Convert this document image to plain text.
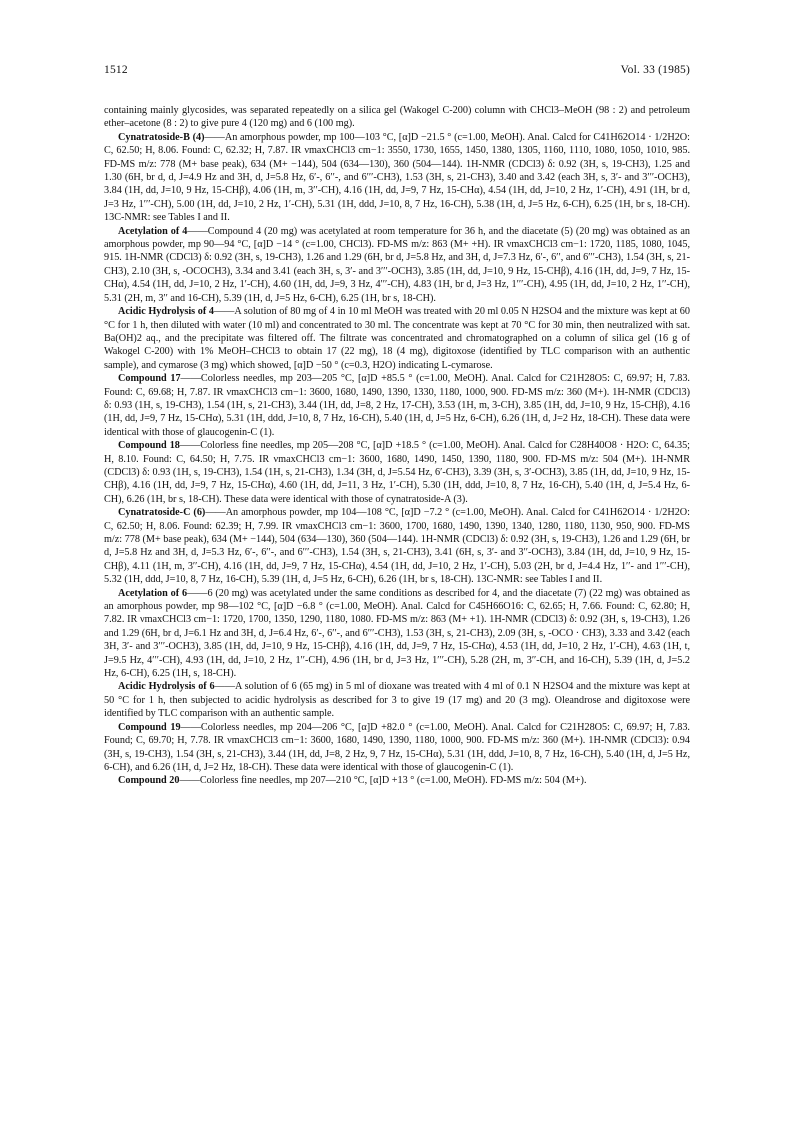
1512	Vol. 33 (1985)

containing mainly glycosides, was separated repeatedly on a silica gel (Wakogel C-200) column with CHCl3–MeOH (98 : 2) and petroleum ether–acetone (8 : 2) to give pure 4 (120 mg) and 6 (100 mg).

Cynatratoside-B (4)——An amorphous powder, mp 100—103 °C, [α]D −21.5 ° (c=1.00, MeOH). Anal. Calcd for C41H62O14 · 1/2H2O: C, 62.50; H, 8.06. Found: C, 62.32; H, 7.87. IR νmaxCHCl3 cm−1: 3550, 1730, 1655, 1450, 1380, 1305, 1160, 1110, 1080, 1050, 1010, 985. FD-MS m/z: 778 (M+ base peak), 634 (M+ −144), 504 (634—130), 360 (504—144). 1H-NMR (CDCl3) δ: 0.92 (3H, s, 19-CH3), 1.25 and 1.30 (6H, br d, d, J=4.9 Hz and 3H, d, J=5.8 Hz, 6′-, 6′′-, and 6′′′-CH3), 1.53 (3H, s, 21-CH3), 3.40 and 3.42 (each 3H, s, 3′- and 3′′′-OCH3), 3.84 (1H, dd, J=10, 9 Hz, 15-CHβ), 4.06 (1H, m, 3′′-CH), 4.16 (1H, dd, J=9, 7 Hz, 15-CHα), 4.54 (1H, dd, J=10, 2 Hz, 1′-CH), 4.91 (1H, br d, J=3 Hz, 1′′′-CH), 5.00 (1H, dd, J=10, 2 Hz, 1′-CH), 5.31 (1H, ddd, J=10, 8, 7 Hz, 16-CH), 5.38 (1H, d, J=5 Hz, 6-CH), 6.25 (1H, br s, 18-CH). 13C-NMR: see Tables I and II.

Acetylation of 4——Compound 4 (20 mg) was acetylated at room temperature for 36 h, and the diacetate (5) (20 mg) was obtained as an amorphous powder, mp 90—94 °C, [α]D −14 ° (c=1.00, CHCl3). FD-MS m/z: 863 (M+ +H). IR νmaxCHCl3 cm−1: 1720, 1185, 1080, 1045, 915. 1H-NMR (CDCl3) δ: 0.92 (3H, s, 19-CH3), 1.26 and 1.29 (6H, br d, J=5.8 Hz, and 3H, d, J=7.3 Hz, 6′-, 6′′, and 6′′′-CH3), 1.54 (3H, s, 21-CH3), 2.10 (3H, s, -OCOCH3), 3.34 and 3.41 (each 3H, s, 3′- and 3′′′-OCH3), 3.85 (1H, dd, J=10, 9 Hz, 15-CHβ), 4.16 (1H, dd, J=9, 7 Hz, 15-CHα), 4.54 (1H, dd, J=10, 2 Hz, 1′-CH), 4.60 (1H, dd, J=9, 3 Hz, 4′′′-CH), 4.83 (1H, br d, J=3 Hz, 1′′′-CH), 4.95 (1H, dd, J=10, 2 Hz, 1′′-CH), 5.31 (2H, m, 3′′ and 16-CH), 5.39 (1H, d, J=5 Hz, 6-CH), 6.25 (1H, br s, 18-CH).

Acidic Hydrolysis of 4——A solution of 80 mg of 4 in 10 ml MeOH was treated with 20 ml 0.05 N H2SO4 and the mixture was kept at 60 °C for 1 h, then diluted with water (10 ml) and concentrated to 30 ml. The concentrate was kept at 70 °C for 30 min, then neutralized with sat. Ba(OH)2 aq., and the precipitate was filtered off. The filtrate was concentrated and chromatographed on a column of silica gel (16 g of Wakogel C-200) with 1% MeOH–CHCl3 to obtain 17 (22 mg), 18 (4 mg), digitoxose (identified by TLC comparison with an authentic sample), and cymarose (3 mg) which showed, [α]D −50 ° (c=0.3, H2O) indicating L-cymarose.

Compound 17——Colorless needles, mp 203—205 °C, [α]D +85.5 ° (c=1.00, MeOH). Anal. Calcd for C21H28O5: C, 69.97; H, 7.83. Found: C, 69.68; H, 7.87. IR νmaxCHCl3 cm−1: 3600, 1680, 1490, 1390, 1330, 1180, 1000, 900. FD-MS m/z: 360 (M+). 1H-NMR (CDCl3) δ: 0.93 (1H, s, 19-CH3), 1.54 (1H, s, 21-CH3), 3.44 (1H, dd, J=8, 2 Hz, 17-CH), 3.53 (1H, m, 3-CH), 3.85 (1H, dd, J=10, 9 Hz, 15-CHβ), 4.16 (1H, dd, J=9, 7 Hz, 15-CHα), 5.31 (1H, ddd, J=10, 8, 7 Hz, 16-CH), 5.40 (1H, d, J=5 Hz, 6-CH), 6.26 (1H, d, J=2 Hz, 18-CH). These data were identical with those of glaucogenin-C (1).

Compound 18——Colorless fine needles, mp 205—208 °C, [α]D +18.5 ° (c=1.00, MeOH). Anal. Calcd for C28H40O8 · H2O: C, 64.35; H, 8.10. Found: C, 64.50; H, 7.75. IR νmaxCHCl3 cm−1: 3600, 1680, 1490, 1450, 1390, 1180, 900. FD-MS m/z: 504 (M+). 1H-NMR (CDCl3) δ: 0.93 (1H, s, 19-CH3), 1.54 (1H, s, 21-CH3), 1.34 (3H, d, J=5.54 Hz, 6′-CH3), 3.39 (3H, s, 3′-OCH3), 3.85 (1H, dd, J=10, 9 Hz, 15-CHβ), 4.16 (1H, dd, J=9, 7 Hz, 15-CHα), 4.60 (1H, dd, J=11, 3 Hz, 1′-CH), 5.30 (1H, ddd, J=10, 8, 7 Hz, 16-CH), 5.40 (1H, d, J=5.4 Hz, 6-CH), 6.26 (1H, br s, 18-CH). These data were identical with those of cynatratoside-A (3).

Cynatratoside-C (6)——An amorphous powder, mp 104—108 °C, [α]D −7.2 ° (c=1.00, MeOH). Anal. Calcd for C41H62O14 · 1/2H2O: C, 62.50; H, 8.06. Found: 62.39; H, 7.99. IR νmaxCHCl3 cm−1: 3600, 1700, 1680, 1490, 1390, 1340, 1280, 1180, 1130, 950, 900. FD-MS m/z: 778 (M+ base peak), 634 (M+ −144), 504 (634—130), 360 (504—144). 1H-NMR (CDCl3) δ: 0.92 (3H, s, 19-CH3), 1.26 and 1.29 (6H, br d, J=5.8 Hz and 3H, d, J=5.3 Hz, 6′-, 6′′-, and 6′′′-CH3), 1.54 (3H, s, 21-CH3), 3.41 (6H, s, 3′- and 3′′-OCH3), 3.84 (1H, dd, J=10, 9 Hz, 15-CHβ), 4.11 (1H, m, 3′′-CH), 4.16 (1H, dd, J=9, 7 Hz, 15-CHα), 4.54 (1H, dd, J=10, 2 Hz, 1′-CH), 5.03 (2H, br d, J=4.4 Hz, 1′′- and 1′′′-CH), 5.32 (1H, ddd, J=10, 8, 7 Hz, 16-CH), 5.39 (1H, d, J=5 Hz, 6-CH), 6.26 (1H, br s, 18-CH). 13C-NMR: see Tables I and II.

Acetylation of 6——6 (20 mg) was acetylated under the same conditions as described for 4, and the diacetate (7) (22 mg) was obtained as an amorphous powder, mp 98—102 °C, [α]D −6.8 ° (c=1.00, MeOH). Anal. Calcd for C45H66O16: C, 62.65; H, 7.66. Found: C, 62.80; H, 7.82. IR νmaxCHCl3 cm−1: 1720, 1700, 1350, 1290, 1180, 1080. FD-MS m/z: 863 (M+ +1). 1H-NMR (CDCl3) δ: 0.92 (3H, s, 19-CH3), 1.26 and 1.29 (6H, br d, J=6.1 Hz and 3H, d, J=6.4 Hz, 6′-, 6′′-, and 6′′′-CH3), 1.53 (3H, s, 21-CH3), 2.09 (3H, s, -OCO · CH3), 3.33 and 3.42 (each 3H, 3′- and 3′′′-OCH3), 3.85 (1H, dd, J=10, 9 Hz, 15-CHβ), 4.16 (1H, dd, J=9, 7 Hz, 15-CHα), 4.53 (1H, dd, J=10, 2 Hz, 1′-CH), 4.63 (1H, t, J=9.5 Hz, 4′′′-CH), 4.93 (1H, dd, J=10, 2 Hz, 1′′-CH), 4.96 (1H, br d, J=3 Hz, 1′′′-CH), 5.28 (2H, m, 3′′-CH, and 16-CH), 5.39 (1H, d, J=5.2 Hz, 6-CH), 6.25 (1H, s, 18-CH).

Acidic Hydrolysis of 6——A solution of 6 (65 mg) in 5 ml of dioxane was treated with 4 ml of 0.1 N H2SO4 and the mixture was kept at 50 °C for 1 h, then subjected to acidic hydrolysis as described for 3 to give 19 (17 mg) and 20 (3 mg). Oleandrose and digitoxose were identified by TLC comparison with an authentic sample.

Compound 19——Colorless needles, mp 204—206 °C, [α]D +82.0 ° (c=1.00, MeOH). Anal. Calcd for C21H28O5: C, 69.97; H, 7.83. Found; C, 69.70; H, 7.78. IR νmaxCHCl3 cm−1: 3600, 1680, 1490, 1390, 1180, 1000, 900. FD-MS m/z: 360 (M+). 1H-NMR (CDCl3): 0.94 (3H, s, 19-CH3), 1.54 (3H, s, 21-CH3), 3.44 (1H, dd, J=8, 2 Hz, 9, 7 Hz, 15-CHα), 5.31 (1H, ddd, J=10, 8, 7 Hz, 16-CH), 5.40 (1H, d, J=5 Hz, 6-CH), and 6.26 (1H, d, J=2 Hz, 18-CH). These data were identical with those of glaucogenin-C (1).

Compound 20——Colorless fine needles, mp 207—210 °C, [α]D +13 ° (c=1.00, MeOH). FD-MS m/z: 504 (M+).
